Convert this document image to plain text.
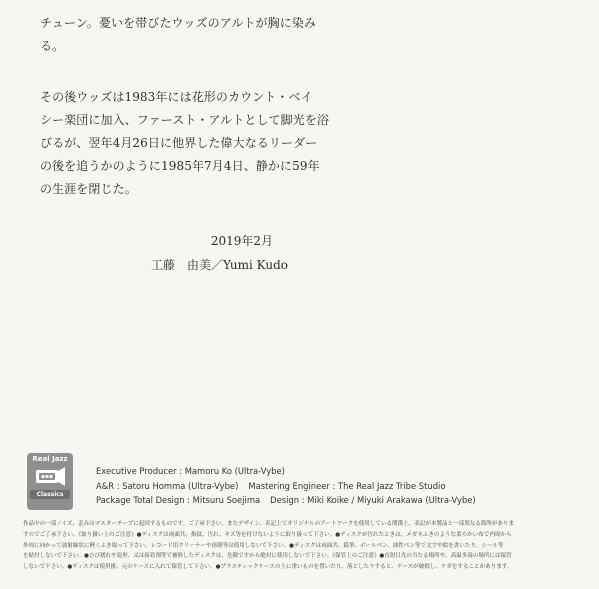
チューン。憂いを帯びたウッズのアルトが胸に染み
る。

その後ウッズは1983年には花形のカウント・ベイ
シー楽団に加入、ファースト・アルトとして脚光を浴
びるが、翌年4月26日に他界した偉大なるリーダー
の後を追うかのように1985年7月4日、静かに59年
の生涯を閉じた。

2019年2月
工藤　由美／Yumi Kudo
Real Jazz
Classics
Executive Producer : Mamoru Ko (Ultra-Vybe)
A&R : Satoru Homma (Ultra-Vybe) Mastering Engineer : The Real Jazz Tribe Studio
Package Total Design : Mitsuru Soejima Design : Miki Koike / Miyuki Arakawa (Ultra-Vybe)
作品中の一部ノイズ、歪みはマスターテープに起因するものです。ご了承下さい。またデザイン、表記上でオリジナルのアートワークを使用している関係上、表記が本製品と一部異なる箇所がありま
すのでご了承下さい。《取り扱い上のご注意》●ディスクは両面共、指紋、汚れ、キズ等を付けないように取り扱って下さい。●ディスクが汚れたときは、メガネふきのような柔らかい布で内周から
外周に向かって放射線状に軽くふき取って下さい。レコード用クリーナーや溶剤等は使用しないで下さい。●ディスクは両面共、鉛筆、ボールペン、油性ペン等で文字や絵を書いたり、シール等
を貼付しないで下さい。●ひび割れや変形、又は接着剤等で補修したディスクは、危険ですから絶対に使用しないで下さい。《保管上のご注意》●直射日光の当たる場所や、高温多湿の場所には保管
しないで下さい。●ディスクは使用後、元のケースに入れて保管して下さい。●プラスティックケースの上に重いものを置いたり、落としたりすると、ケースが破損し、ケガをすることがあります。
